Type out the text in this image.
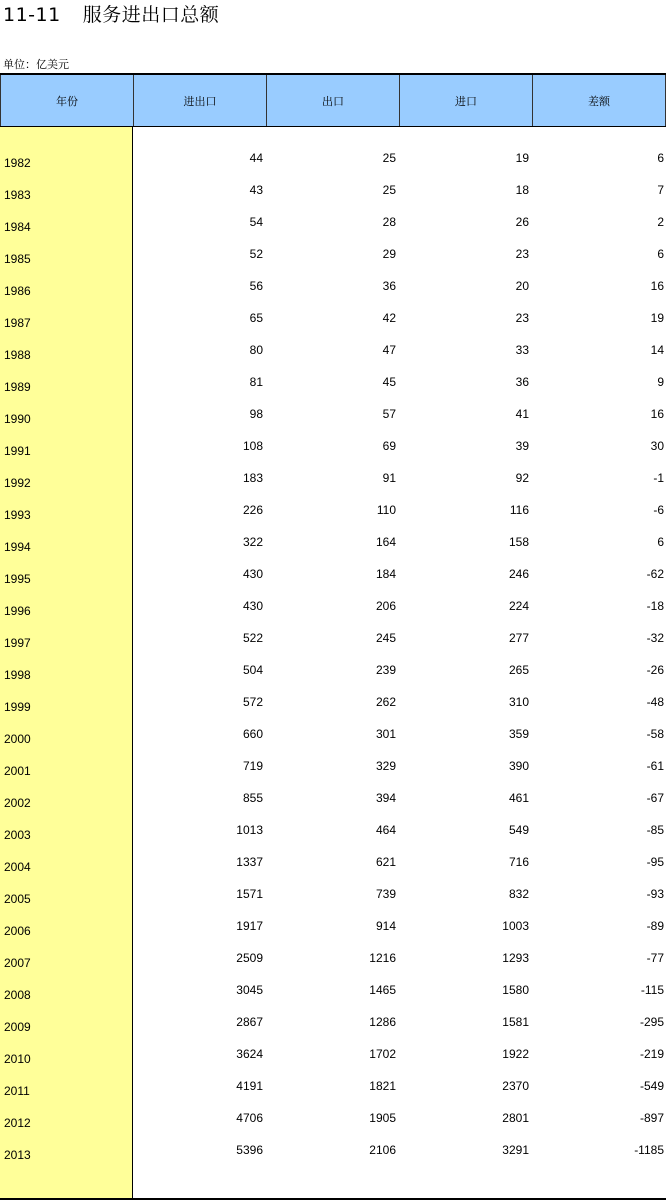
11-11 服务进出口总额
单位：亿美元
年份	进出口	出口	进口	差额
1982	44	25	19	6
1983	43	25	18	7
1984	54	28	26	2
1985	52	29	23	6
1986	56	36	20	16
1987	65	42	23	19
1988	80	47	33	14
1989	81	45	36	9
1990	98	57	41	16
1991	108	69	39	30
1992	183	91	92	-1
1993	226	110	116	-6
1994	322	164	158	6
1995	430	184	246	-62
1996	430	206	224	-18
1997	522	245	277	-32
1998	504	239	265	-26
1999	572	262	310	-48
2000	660	301	359	-58
2001	719	329	390	-61
2002	855	394	461	-67
2003	1013	464	549	-85
2004	1337	621	716	-95
2005	1571	739	832	-93
2006	1917	914	1003	-89
2007	2509	1216	1293	-77
2008	3045	1465	1580	-115
2009	2867	1286	1581	-295
2010	3624	1702	1922	-219
2011	4191	1821	2370	-549
2012	4706	1905	2801	-897
2013	5396	2106	3291	-1185
